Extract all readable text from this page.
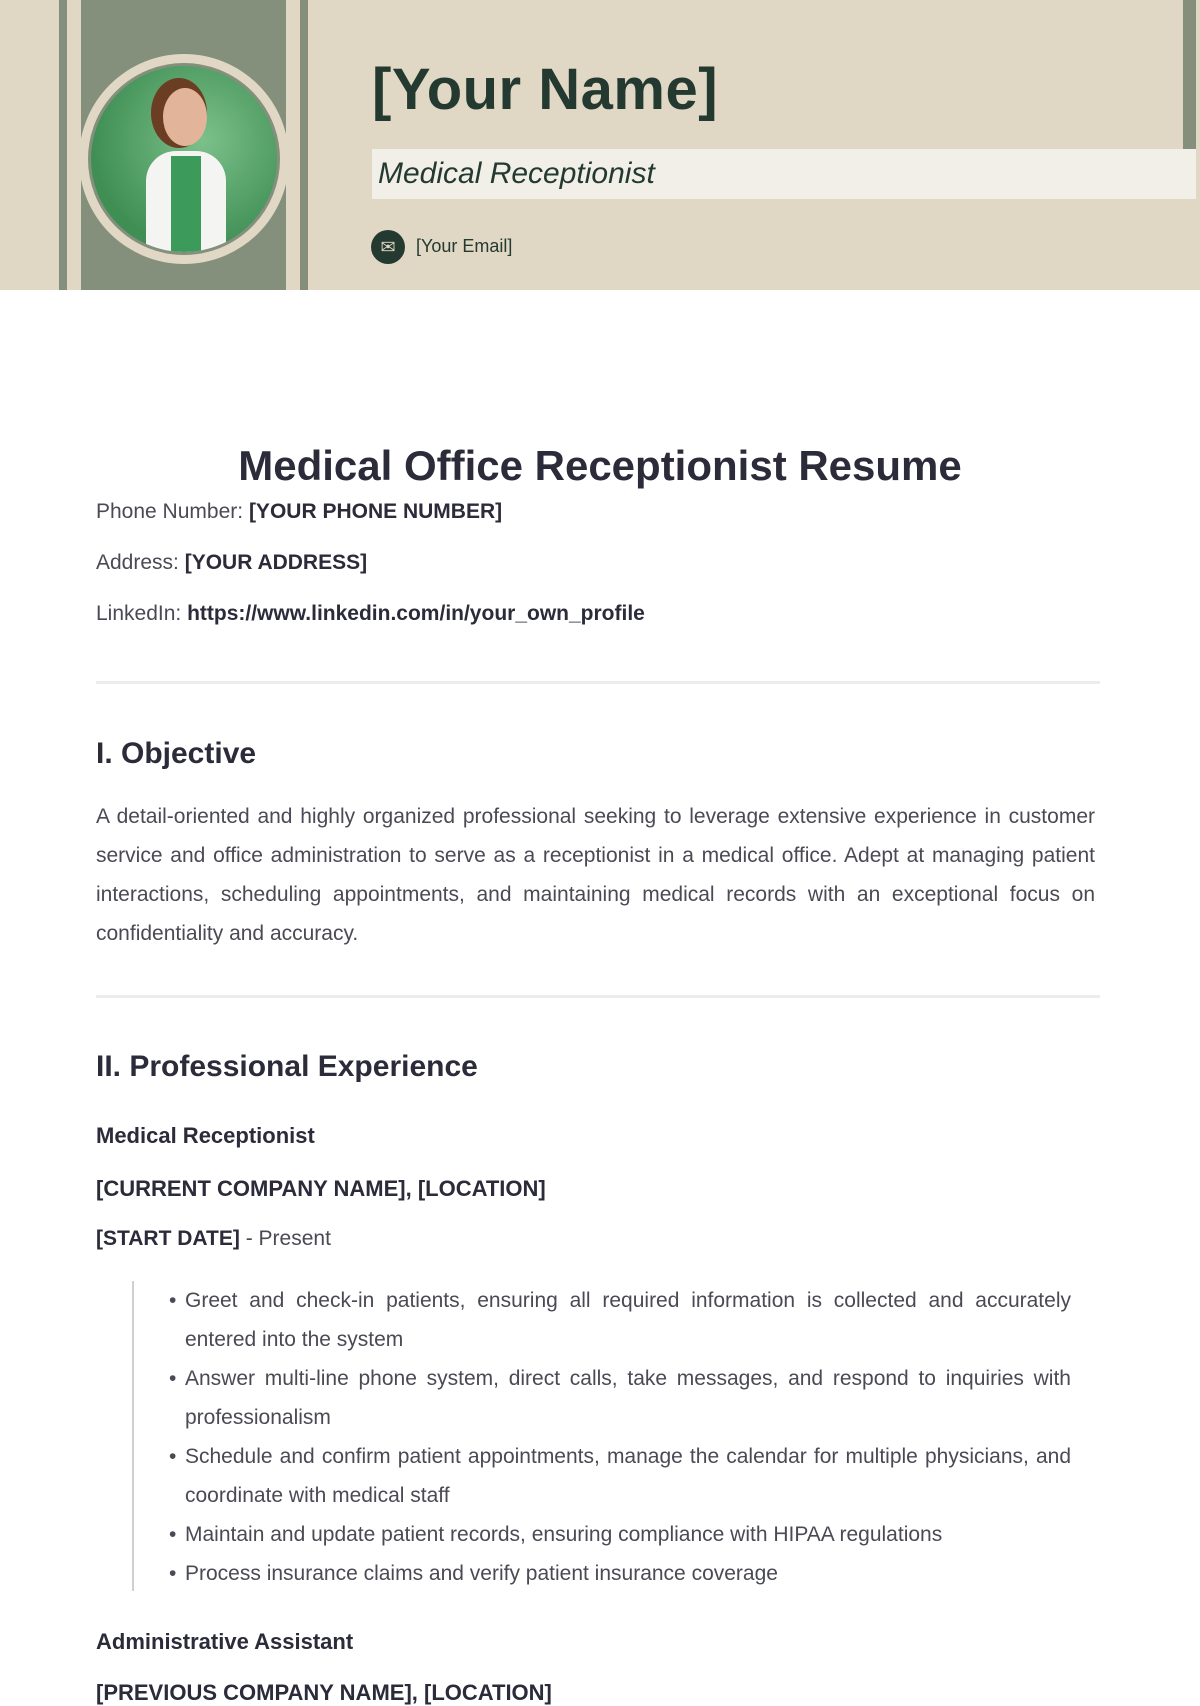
[Your Name]
Medical Receptionist
✉	[Your Email]
Medical Office Receptionist Resume
Phone Number: [YOUR PHONE NUMBER]
Address: [YOUR ADDRESS]
LinkedIn: https://www.linkedin.com/in/your_own_profile
I. Objective
A detail-oriented and highly organized professional seeking to leverage extensive experience in customer service and office administration to serve as a receptionist in a medical office. Adept at managing patient interactions, scheduling appointments, and maintaining medical records with an exceptional focus on confidentiality and accuracy.
II. Professional Experience
Medical Receptionist
[CURRENT COMPANY NAME], [LOCATION]
[START DATE] - Present
• Greet and check-in patients, ensuring all required information is collected and accurately entered into the system
• Answer multi-line phone system, direct calls, take messages, and respond to inquiries with professionalism
• Schedule and confirm patient appointments, manage the calendar for multiple physicians, and coordinate with medical staff
• Maintain and update patient records, ensuring compliance with HIPAA regulations
• Process insurance claims and verify patient insurance coverage
Administrative Assistant
[PREVIOUS COMPANY NAME], [LOCATION]
